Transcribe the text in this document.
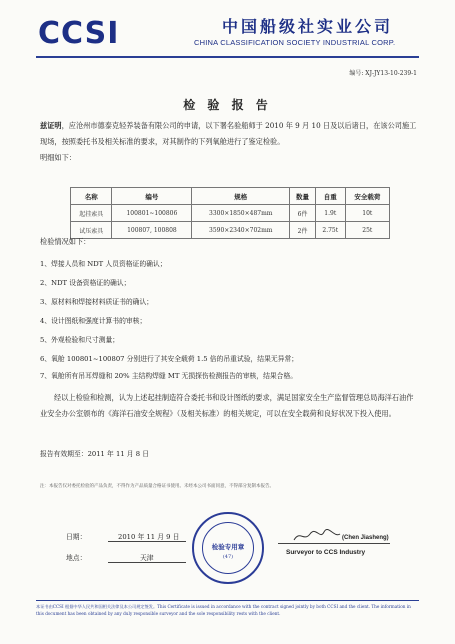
CCSI	中国船级社实业公司
CHINA CLASSIFICATION SOCIETY INDUSTRIAL CORP.
编号: XJ-JY13-10-239-1
检 验 报 告
兹证明，应沧州市德泰克轻养装备有限公司的申请，以下署名验船师于 2010 年 9 月 10 日及以后诸日，在该公司施工现场，按照委托书及相关标准的要求，对其制作的下列氧舱进行了鉴定检验。
明细如下：
名称	编号	规格	数量	自重	安全载荷
起挂索具	100801~100806	3300×1850×487mm	6件	1.9t	10t
试压索具	100807, 100808	3590×2340×702mm	2件	2.75t	25t
检验情况如下：
1、焊接人员和 NDT 人员资格证的确认；
2、NDT 设备资格证的确认；
3、原材料和焊接材料质证书的确认；
4、设计图纸和强度计算书的审核；
5、外观检验和尺寸测量；
6、氧舱 100801~100807 分别进行了其安全载荷 1.5 倍的吊重试验，结果无异常；
7、氧舱所有吊耳焊缝和 20% 主结构焊缝 MT 无损探伤检测报告的审核，结果合格。
经以上检验和检测，认为上述起挂制造符合委托书和设计图纸的要求，满足国家安全生产监督管理总局海洋石油作业安全办公室颁布的《海洋石油安全规程》（及相关标准）的相关规定，可以在安全载荷和良好状况下投入使用。
报告有效期至：2011 年 11 月 8 日
注：本报告仅对委托检验的产品负责，不得作为产品质量合格证书使用。未经本公司书面同意，不得部分复制本报告。
日期：	2010 年 11 月 9 日
地点：	天津
检验专用章
(47)
(Chen Jiasheng)
Surveyor to CCS Industry
本证书由CCSI 根据中华人民共和国相关法律及本公司规定签发。This Certificate is issued in accordance with the contract signed jointly by both CCSI and the client. The information in this document has been obtained by any duly responsible surveyor and the sole responsibility rests with the client.
